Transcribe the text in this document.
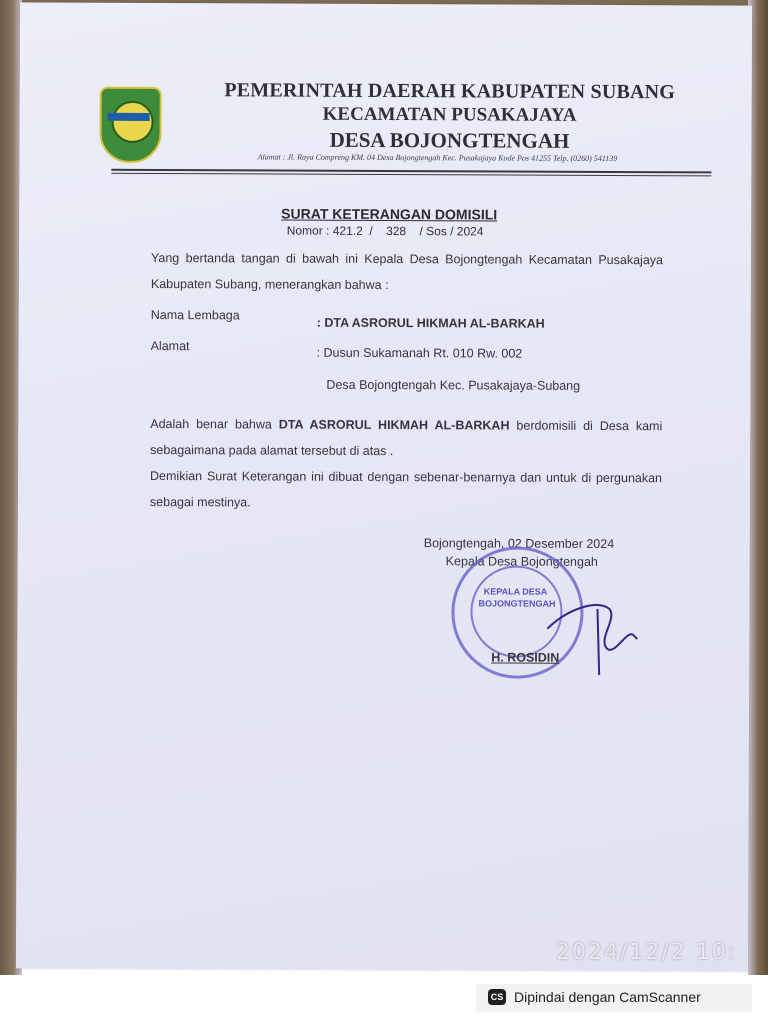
PEMERINTAH DAERAH KABUPATEN SUBANG
KECAMATAN PUSAKAJAYA
DESA BOJONGTENGAH
Alamat : Jl. Raya Compreng KM. 04 Desa Bojongtengah Kec. Pusakajaya Kode Pos 41255 Telp. (0260) 541139
SURAT KETERANGAN DOMISILI
Nomor : 421.2  /    328    / Sos / 2024
Yang bertanda tangan di bawah ini Kepala Desa Bojongtengah Kecamatan Pusakajaya Kabupaten Subang, menerangkan bahwa :
Nama Lembaga
: DTA ASRORUL HIKMAH AL-BARKAH
Alamat	: Dusun Sukamanah Rt. 010 Rw. 002
Desa Bojongtengah Kec. Pusakajaya-Subang
Adalah benar bahwa DTA ASRORUL HIKMAH AL-BARKAH berdomisili di Desa kami sebagaimana pada alamat tersebut di atas .
Demikian Surat Keterangan ini dibuat dengan sebenar-benarnya dan untuk di pergunakan sebagai mestinya.
Bojongtengah, 02 Desember 2024
Kepala Desa Bojongtengah
KEPALA DESA
BOJONGTENGAH
H. ROSIDIN
2024/12/2 10:
CS Dipindai dengan CamScanner
